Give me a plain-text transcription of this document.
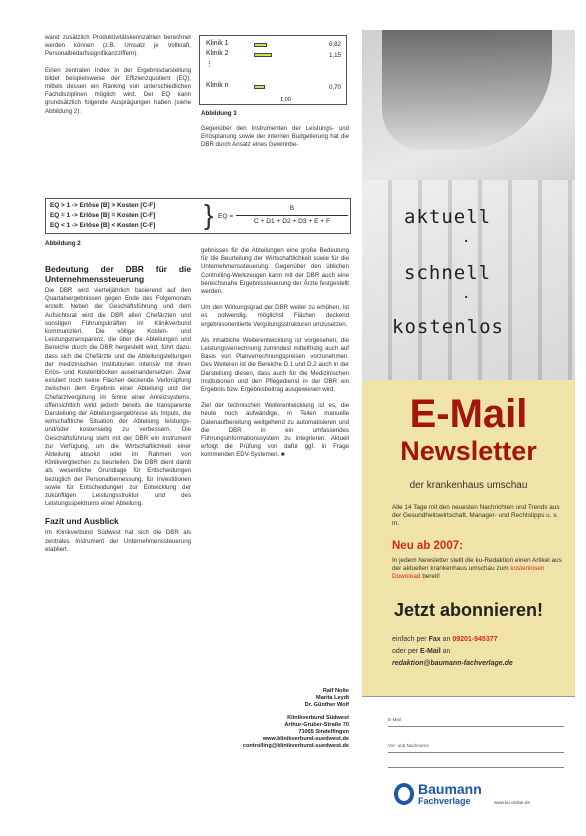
wand zusätzlich Produktivitätskennzahlen berechnet werden können (z.B. Umsatz je Vollkraft, Personalbedarfssignifikanzziffern).

Einen zentralen Index in der Ergebnisdarstellung bildet beispielsweise der Effizienzquotient (EQ), mittels dessen ein Ranking von unterschiedlichen Fachdisziplinen möglich wird. Der EQ kann grundsätzlich folgende Ausprägungen haben (siehe Abbildung 2):

Klinik 1
Klinik 2
⋮
Klinik n
0,82
1,15
0,70
1,00
Abbildung 3

Gegenüber den Instrumenten der Leistungs- und Erlösplanung sowie der internen Budgetierung hat die DBR durch Ansatz eines Gewinnbe-

EQ > 1 -> Erlöse [B] > Kosten [C-F]
EQ = 1 -> Erlöse [B] = Kosten [C-F]
EQ < 1 -> Erlöse [B] < Kosten [C-F] } EQ =
B
C + D1 + D2 + D3 + E + F
Abbildung 2
Bedeutung der DBR für die Unternehmenssteuerung

Die DBR wird vierteljährlich basierend auf den Quartalsergebnissen gegen Ende des Folgemonats erstellt. Neben der Geschäftsführung und dem Aufsichtsrat wird die DBR allen Chefärzten und sonstigen Führungskräften im Klinikverbund kommuniziert. Die völlige Kosten- und Leistungstransparenz, die über die Abteilungen und Bereiche durch die DBR hergestellt wird, führt dazu, dass sich die Chefärzte und die Abteilungsleitungen der medizinischen Institutionen intensiv mit ihren Erlös- und Kostenblöcken auseinandersetzen. Zwar existiert noch keine Flächen deckende Verknüpfung zwischen dem Ergebnis einer Abteilung und der Chefarztvergütung im Sinne einer Anreizsystems, offensichtlich wirkt jedoch bereits die transparente Darstellung der Abteilungsergebnisse als Impuls, die wirtschaftliche Situation der Abteilung leistungs- und/oder kostenseitig zu verbessern. Die Geschäftsführung steht mit der DBR ein Instrument zur Verfügung, um die Wirtschaftlichkeit einer Abteilung absolut oder im Rahmen von Klinikvergleichen zu beurteilen. Die DBR dient damit als wesentliche Grundlage für Entscheidungen bezüglich der Personalbemessung, für Investitionen sowie für Entscheidungen zur Entwicklung der zukünftigen Leistungsstruktur und des Leistungsspektrums einer Abteilung.

Fazit und Ausblick

Im Klinikverbund Südwest hat sich die DBR als zentrales Instrument der Unternehmenssteuerung etabliert.

gebnisses für die Abteilungen eine große Bedeutung für die Beurteilung der Wirtschaftlichkeit sowie für die Unternehmenssteuerung. Gegenüber den üblichen Controlling-Werkzeugen kann mit der DBR auch eine bereichsnahe Ergebnissteuerung der Ärzte festgestellt werden.

Um den Wirkungsgrad der DBR weiter zu erhöhen, ist es notwendig, möglichst Flächen deckend ergebnisorientierte Vergütungsstrukturen umzusetzen.

Als inhaltliche Weiterentwicklung ist vorgesehen, die Leistungsverrechnung zumindest mittelfristig auch auf Basis von Planverrechnungspreisen vorzunehmen. Des Weiteren ist die Bereiche D.1 und D.2 auch in der Darstellung diesen, dass auch für die Medizinischen Institutionen und den Pflegedienst in der DBR ein Ergebnis bzw. Ergebnisbeitrag ausgewiesen wird.

Ziel der technischen Weiterentwicklung ist es, die heute noch aufwändige, in Teilen manuelle Datenaufbereitung weitgehend zu automatisieren und die DBR in ein umfassendes Führungsinformationssystem zu integrieren. Aktuell erfolgt die Prüfung von dafür ggf. in Frage kommenden EDV-Systemen. ■

Ralf Nolte
Marita Leydt
Dr. Günther Wolf
Klinikverbund Südwest
Arthur-Gruber-Straße 70
71065 Sindelfingen
www.klinikverbund-suedwest.de
controlling@klinikverbund-suedwest.de
aktuell
·
schnell
·
kostenlos
E-Mail
Newsletter
der krankenhaus umschau
Alle 14 Tage mit den neuesten Nachrichten und Trends aus der Gesundheitswirtschaft, Manager- und Rechtstipps u. v. m.
Neu ab 2007:
In jedem Newsletter stellt die ku-Redaktion einen Artikel aus der aktuellen krankenhaus umschau zum kostenlosen Download bereit!
Jetzt abonnieren!
einfach per Fax an 09201-945377
oder per E-Mail an
redaktion@baumann-fachverlage.de
E-Mail
Vor- und Nachname
Baumann
Fachverlage	www.ku-online.de
